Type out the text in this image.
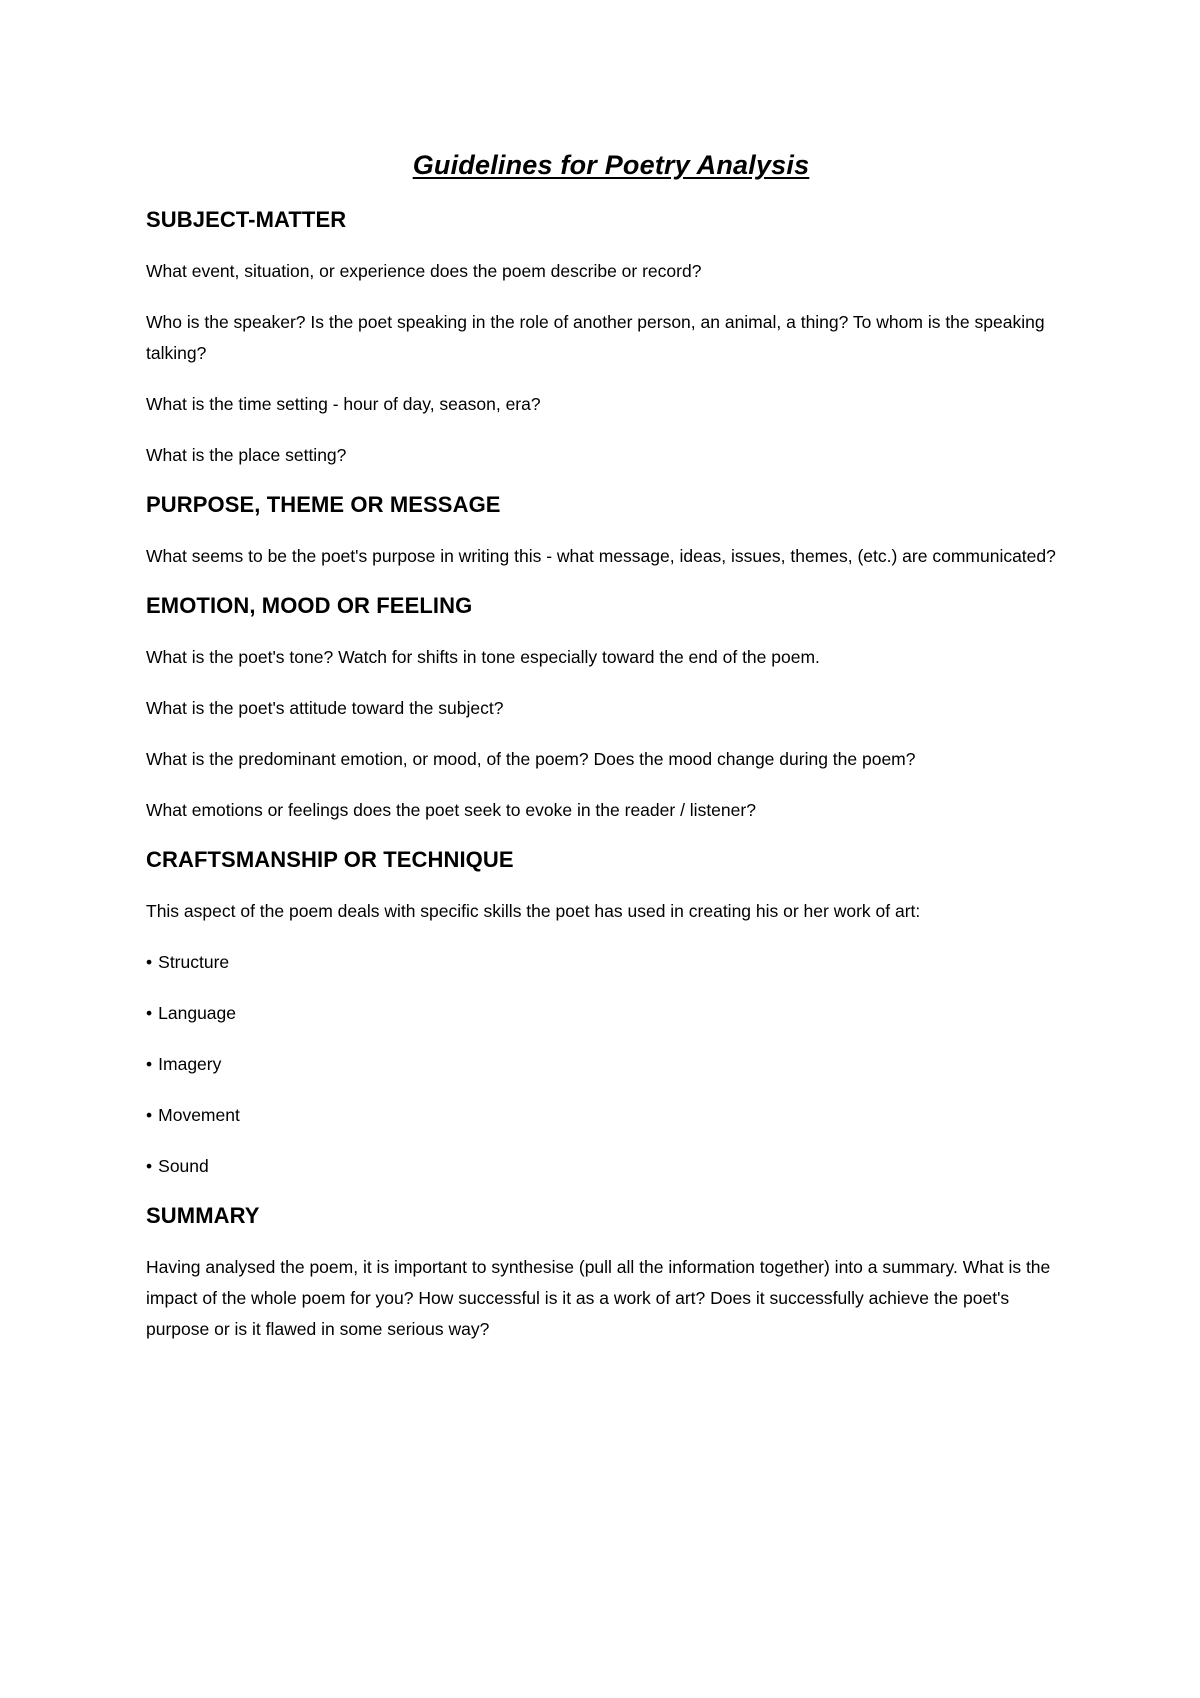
Guidelines for Poetry Analysis
SUBJECT-MATTER

What event, situation, or experience does the poem describe or record?

Who is the speaker? Is the poet speaking in the role of another person, an animal, a thing? To whom is the speaking talking?

What is the time setting - hour of day, season, era?

What is the place setting?

PURPOSE, THEME OR MESSAGE

What seems to be the poet's purpose in writing this - what message, ideas, issues, themes, (etc.) are communicated?

EMOTION, MOOD OR FEELING

What is the poet's tone? Watch for shifts in tone especially toward the end of the poem.

What is the poet's attitude toward the subject?

What is the predominant emotion, or mood, of the poem? Does the mood change during the poem?

What emotions or feelings does the poet seek to evoke in the reader / listener?

CRAFTSMANSHIP OR TECHNIQUE

This aspect of the poem deals with specific skills the poet has used in creating his or her work of art:

• Structure
• Language
• Imagery
• Movement
• Sound
SUMMARY

Having analysed the poem, it is important to synthesise (pull all the information together) into a summary. What is the impact of the whole poem for you? How successful is it as a work of art? Does it successfully achieve the poet's purpose or is it flawed in some serious way?
